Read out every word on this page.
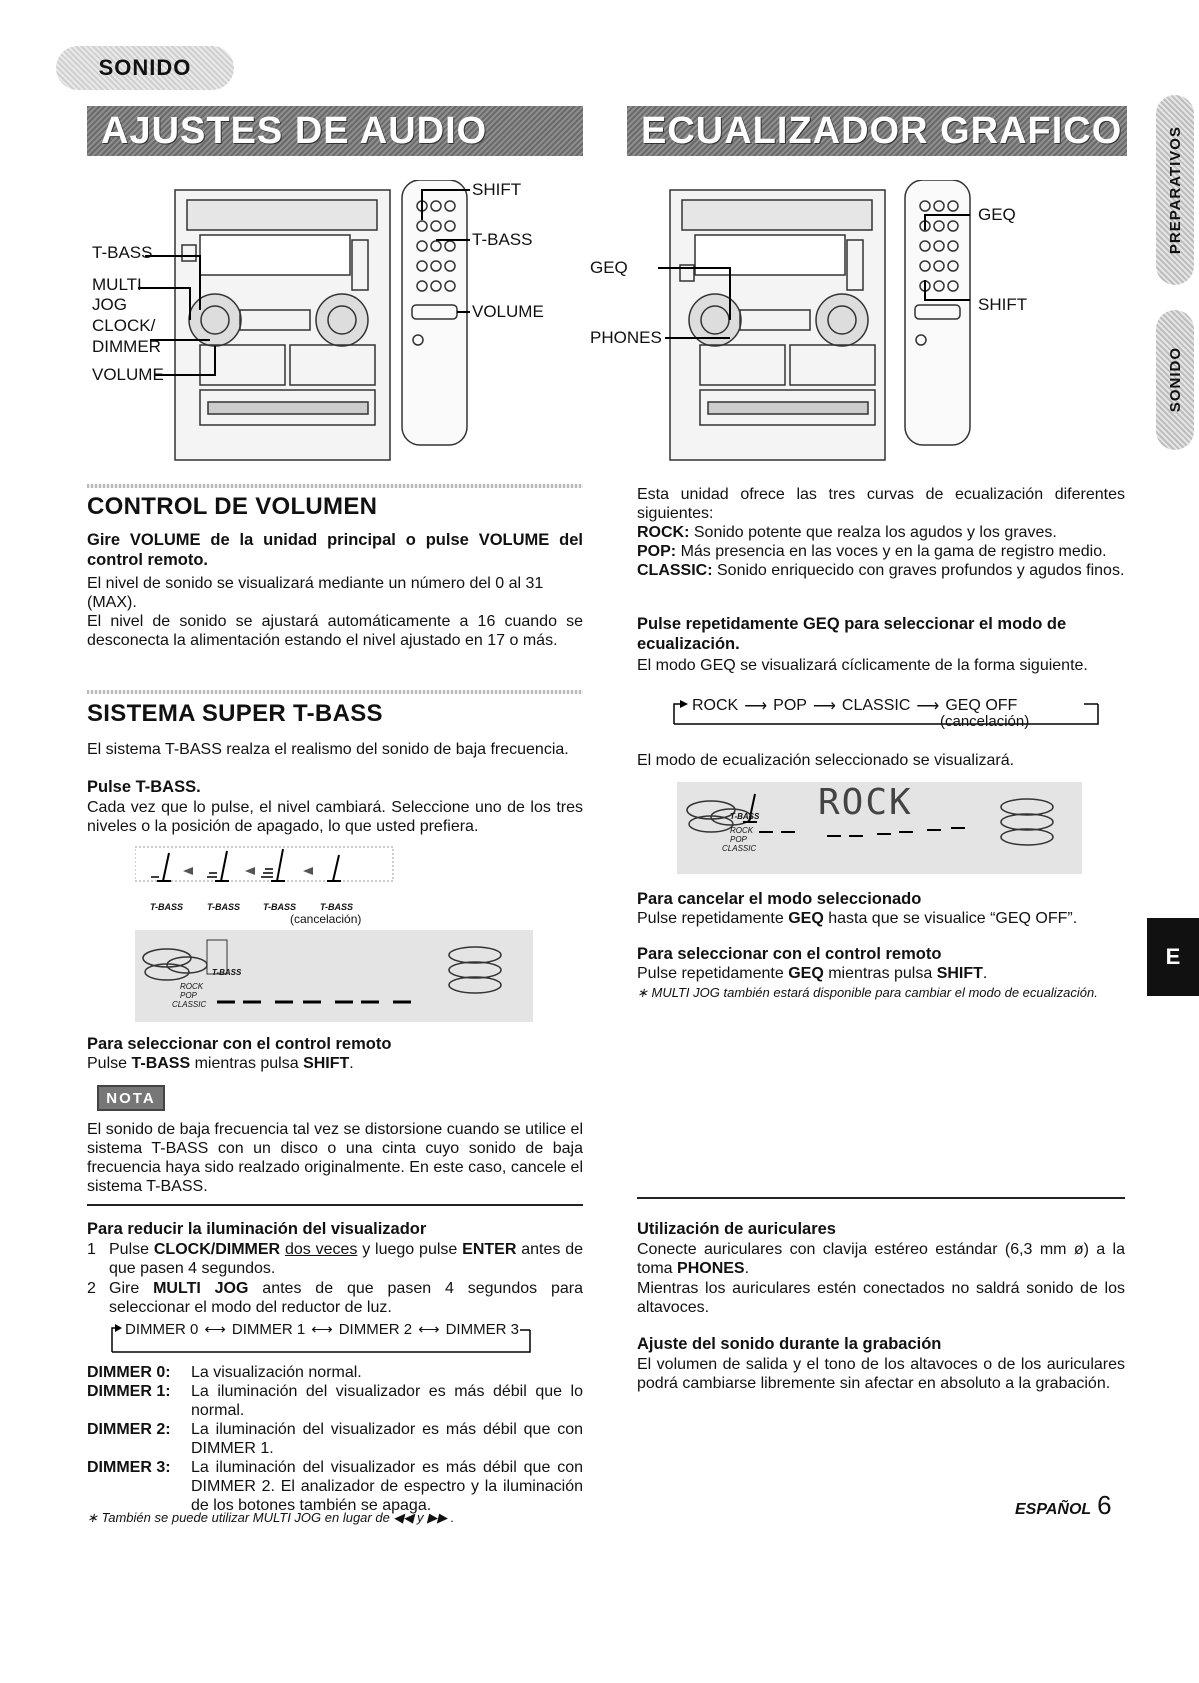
SONIDO
AJUSTES DE AUDIO	ECUALIZADOR GRAFICO	PREPARATIVOS
SONIDO
E
T-BASS
MULTI
JOG
CLOCK/
DIMMER
VOLUME
SHIFT
T-BASS
VOLUME
GEQ
PHONES
GEQ
SHIFT
CONTROL DE VOLUMEN
Gire VOLUME de la unidad principal o pulse VOLUME del control remoto.
El nivel de sonido se visualizará mediante un número del 0 al 31 (MAX).
El nivel de sonido se ajustará automáticamente a 16 cuando se desconecta la alimentación estando el nivel ajustado en 17 o más.
SISTEMA SUPER T-BASS
El sistema T-BASS realza el realismo del sonido de baja frecuencia.
Pulse T-BASS.
Cada vez que lo pulse, el nivel cambiará. Seleccione uno de los tres niveles o la posición de apagado, lo que usted prefiera.
T-BASS	T-BASS	T-BASS	T-BASS
(cancelación)
T-BASS
ROCK
POP
CLASSIC
Para seleccionar con el control remoto
Pulse T-BASS mientras pulsa SHIFT.
NOTA
El sonido de baja frecuencia tal vez se distorsione cuando se utilice el sistema T-BASS con un disco o una cinta cuyo sonido de baja frecuencia haya sido realzado originalmente. En este caso, cancele el sistema T-BASS.
Esta unidad ofrece las tres curvas de ecualización diferentes siguientes:
ROCK: Sonido potente que realza los agudos y los graves.
POP: Más presencia en las voces y en la gama de registro medio.
CLASSIC: Sonido enriquecido con graves profundos y agudos finos.
Pulse repetidamente GEQ para seleccionar el modo de ecualización.
El modo GEQ se visualizará cíclicamente de la forma siguiente.
ROCK ⟶ POP ⟶ CLASSIC ⟶ GEQ OFF
(cancelación)
El modo de ecualización seleccionado se visualizará.
ROCK
T-BASS
ROCK
POP
CLASSIC
Para cancelar el modo seleccionado
Pulse repetidamente GEQ hasta que se visualice “GEQ OFF”.
Para seleccionar con el control remoto
Pulse repetidamente GEQ mientras pulsa SHIFT.
∗ MULTI JOG también estará disponible para cambiar el modo de ecualización.
Para reducir la iluminación del visualizador
1 Pulse CLOCK/DIMMER dos veces y luego pulse ENTER antes de que pasen 4 segundos.
2 Gire MULTI JOG antes de que pasen 4 segundos para seleccionar el modo del reductor de luz.
DIMMER 0 ⟷ DIMMER 1 ⟷ DIMMER 2 ⟷ DIMMER 3
DIMMER 0:	La visualización normal.
DIMMER 1:	La iluminación del visualizador es más débil que lo normal.
DIMMER 2:	La iluminación del visualizador es más débil que con DIMMER 1.
DIMMER 3:	La iluminación del visualizador es más débil que con DIMMER 2. El analizador de espectro y la iluminación de los botones también se apaga.
∗ También se puede utilizar MULTI JOG en lugar de ◀◀ y ▶▶ .
Utilización de auriculares
Conecte auriculares con clavija estéreo estándar (6,3 mm ø) a la toma PHONES.
Mientras los auriculares estén conectados no saldrá sonido de los altavoces.
Ajuste del sonido durante la grabación
El volumen de salida y el tono de los altavoces o de los auriculares podrá cambiarse libremente sin afectar en absoluto a la grabación.
ESPAÑOL 6
